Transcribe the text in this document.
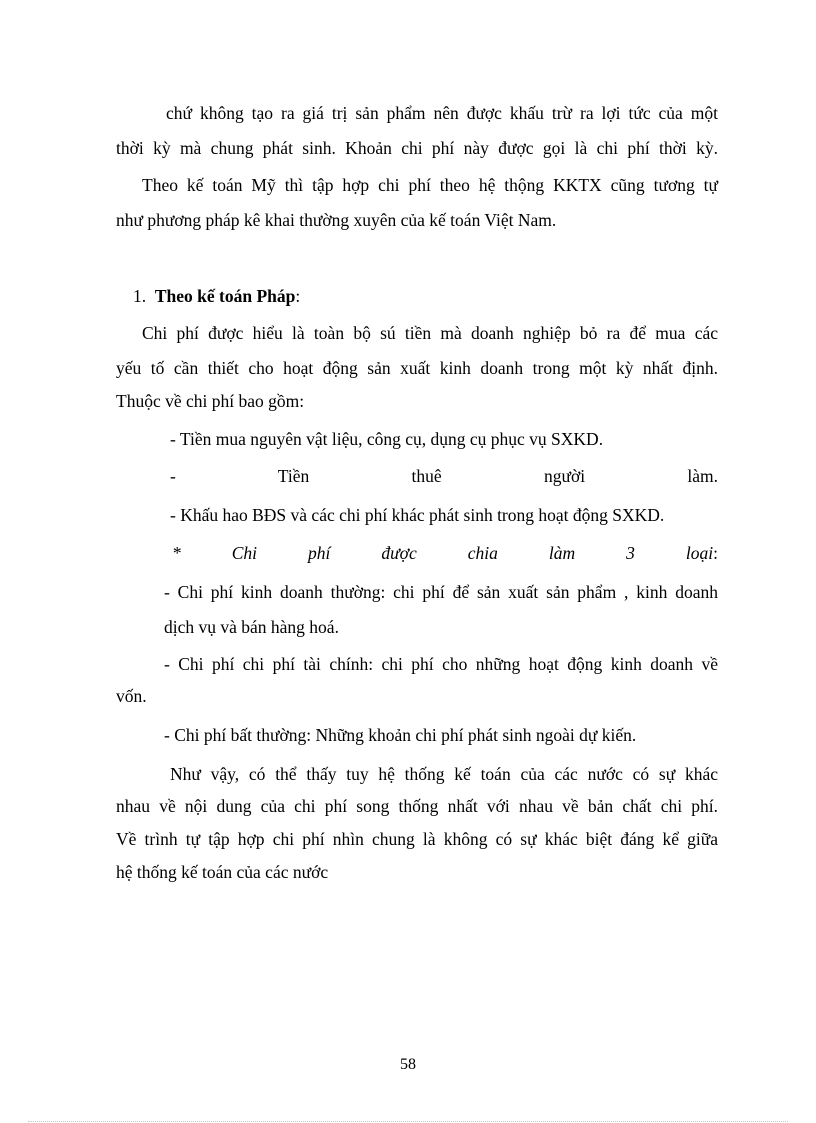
chứ không tạo ra giá trị sản phẩm nên được khấu trừ ra lợi tức của một
thời kỳ mà chung phát sinh. Khoản chi phí này được gọi là chi phí thời kỳ.
Theo kế toán Mỹ thì tập hợp chi phí theo hệ thộng KKTX cũng tương tự
như phương pháp kê khai thường xuyên của kế toán Việt Nam.
1. Theo kế toán Pháp:
Chi phí được hiểu là toàn bộ sú tiền mà doanh nghiệp bỏ ra để mua các
yếu tố cần thiết cho hoạt động sản xuất kinh doanh trong một kỳ nhất định.
Thuộc về chi phí bao gồm:
- Tiền mua nguyên vật liệu, công cụ, dụng cụ phục vụ SXKD.
- Tiền thuê người làm.
- Khấu hao BĐS và các chi phí khác phát sinh trong hoạt động SXKD.
* Chi phí được chia làm 3 loại:
- Chi phí kinh doanh thường: chi phí để sản xuất sản phẩm , kinh doanh
dịch vụ và bán hàng hoá.
- Chi phí chi phí tài chính: chi phí cho những hoạt động kinh doanh về
vốn.
- Chi phí bất thường: Những khoản chi phí phát sinh ngoài dự kiến.
Như vậy, có thể thấy tuy hệ thống kế toán của các nước có sự khác
nhau về nội dung của chi phí song thống nhất với nhau về bản chất chi phí.
Về trình tự tập hợp chi phí nhìn chung là không có sự khác biệt đáng kể giữa
hệ thống kế toán của các nước
58
